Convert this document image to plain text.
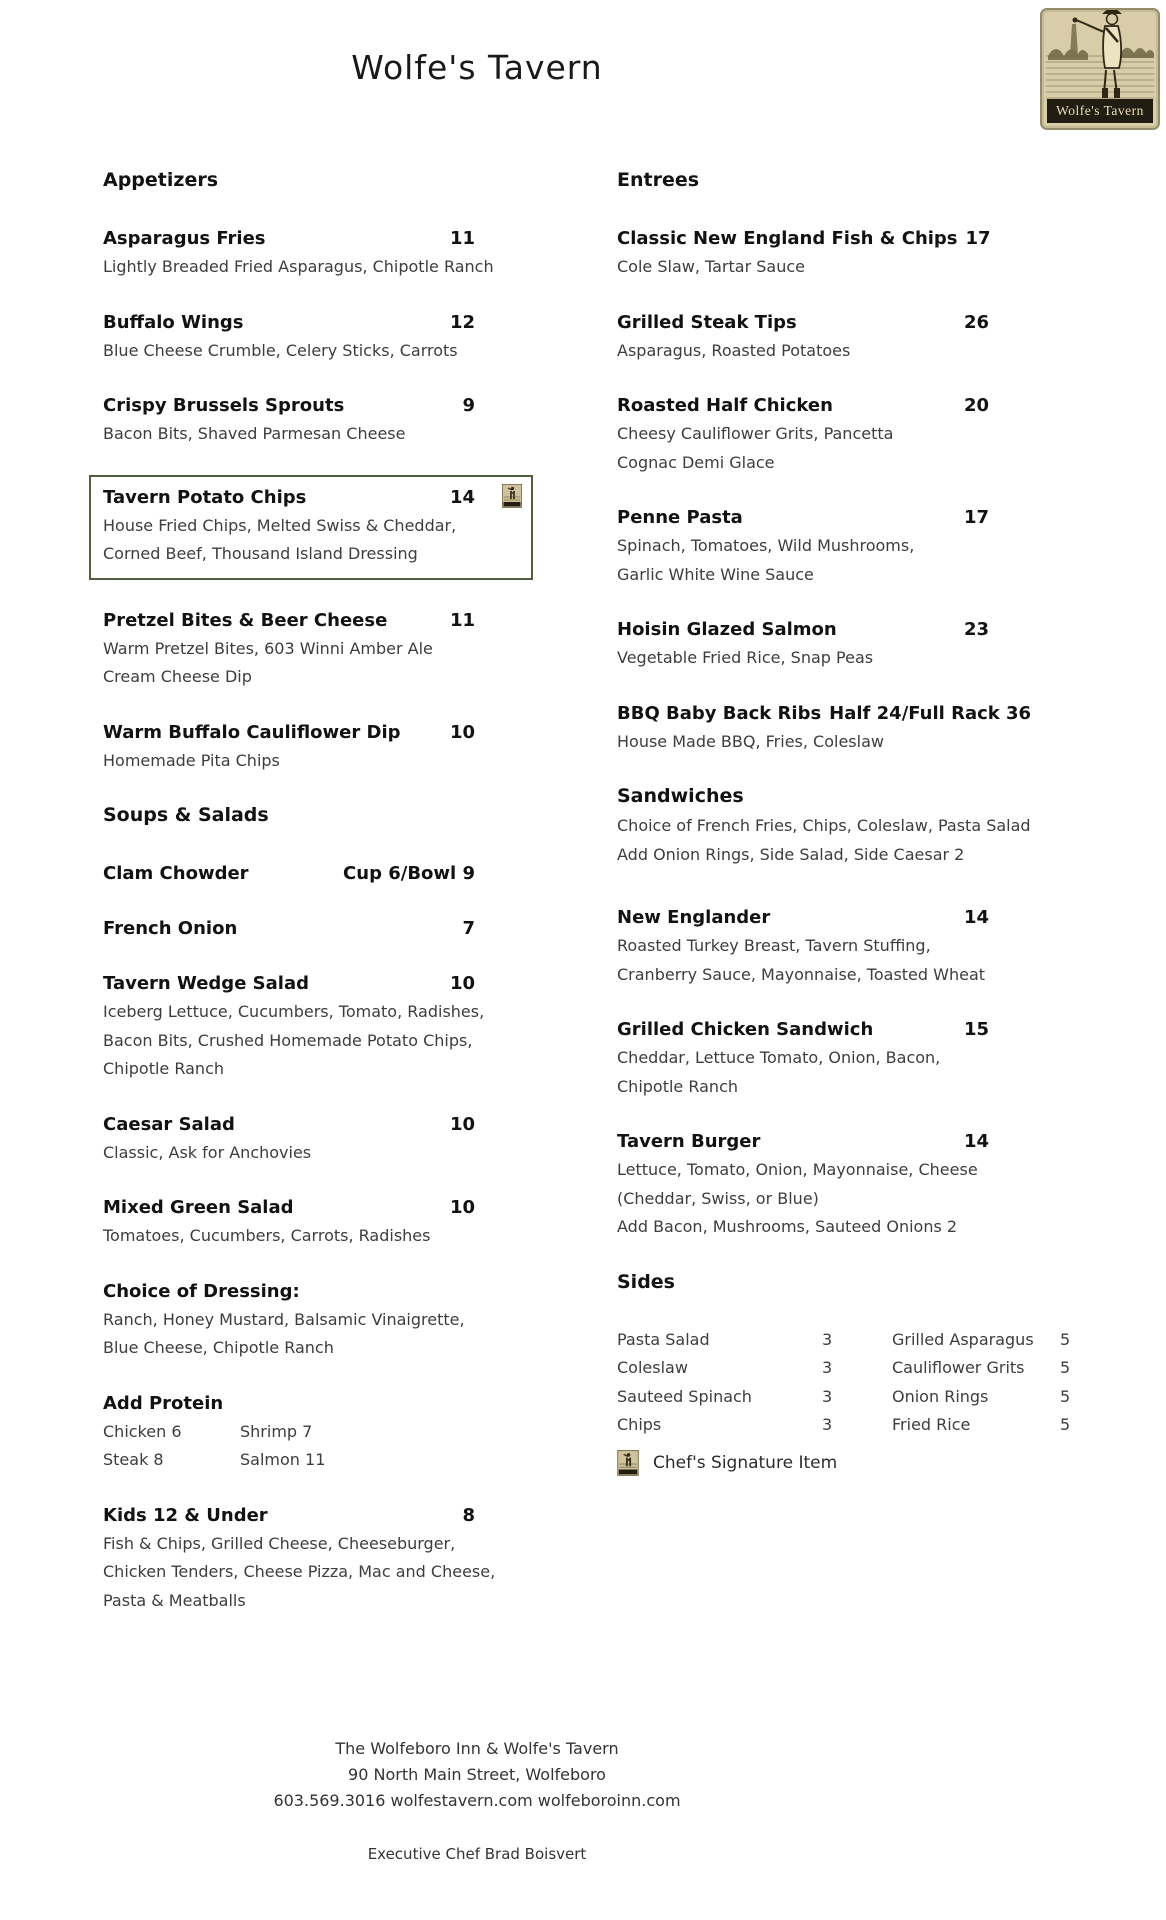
Wolfe's Tavern
Wolfe's Tavern
Appetizers
Asparagus Fries	11
Lightly Breaded Fried Asparagus, Chipotle Ranch
Buffalo Wings	12
Blue Cheese Crumble, Celery Sticks, Carrots
Crispy Brussels Sprouts	9
Bacon Bits, Shaved Parmesan Cheese
Tavern Potato Chips	14
House Fried Chips, Melted Swiss & Cheddar,
Corned Beef, Thousand Island Dressing
Pretzel Bites & Beer Cheese	11
Warm Pretzel Bites, 603 Winni Amber Ale
Cream Cheese Dip
Warm Buffalo Cauliflower Dip	10
Homemade Pita Chips
Soups & Salads
Clam Chowder	Cup 6/Bowl 9
French Onion	7
Tavern Wedge Salad	10
Iceberg Lettuce, Cucumbers, Tomato, Radishes,
Bacon Bits, Crushed Homemade Potato Chips,
Chipotle Ranch
Caesar Salad	10
Classic, Ask for Anchovies
Mixed Green Salad	10
Tomatoes, Cucumbers, Carrots, Radishes
Choice of Dressing:
Ranch, Honey Mustard, Balsamic Vinaigrette,
Blue Cheese, Chipotle Ranch
Add Protein
Chicken 6	Shrimp 7
Steak 8	Salmon 11
Kids 12 & Under	8
Fish & Chips, Grilled Cheese, Cheeseburger,
Chicken Tenders, Cheese Pizza, Mac and Cheese,
Pasta & Meatballs
Entrees
Classic New England Fish & Chips 17
Cole Slaw, Tartar Sauce
Grilled Steak Tips	26
Asparagus, Roasted Potatoes
Roasted Half Chicken	20
Cheesy Cauliflower Grits, Pancetta
Cognac Demi Glace
Penne Pasta	17
Spinach, Tomatoes, Wild Mushrooms,
Garlic White Wine Sauce
Hoisin Glazed Salmon	23
Vegetable Fried Rice, Snap Peas
BBQ Baby Back Ribs Half 24/Full Rack 36
House Made BBQ, Fries, Coleslaw
Sandwiches
Choice of French Fries, Chips, Coleslaw, Pasta Salad
Add Onion Rings, Side Salad, Side Caesar 2
New Englander	14
Roasted Turkey Breast, Tavern Stuffing,
Cranberry Sauce, Mayonnaise, Toasted Wheat
Grilled Chicken Sandwich	15
Cheddar, Lettuce Tomato, Onion, Bacon,
Chipotle Ranch
Tavern Burger	14
Lettuce, Tomato, Onion, Mayonnaise, Cheese
(Cheddar, Swiss, or Blue)
Add Bacon, Mushrooms, Sauteed Onions 2
Sides
Pasta Salad	3	Grilled Asparagus	5
Coleslaw	3	Cauliflower Grits	5
Sauteed Spinach	3	Onion Rings	5
Chips	3	Fried Rice	5
Chef's Signature Item
The Wolfeboro Inn & Wolfe's Tavern
90 North Main Street, Wolfeboro
603.569.3016 wolfestavern.com wolfeboroinn.com
Executive Chef Brad Boisvert
